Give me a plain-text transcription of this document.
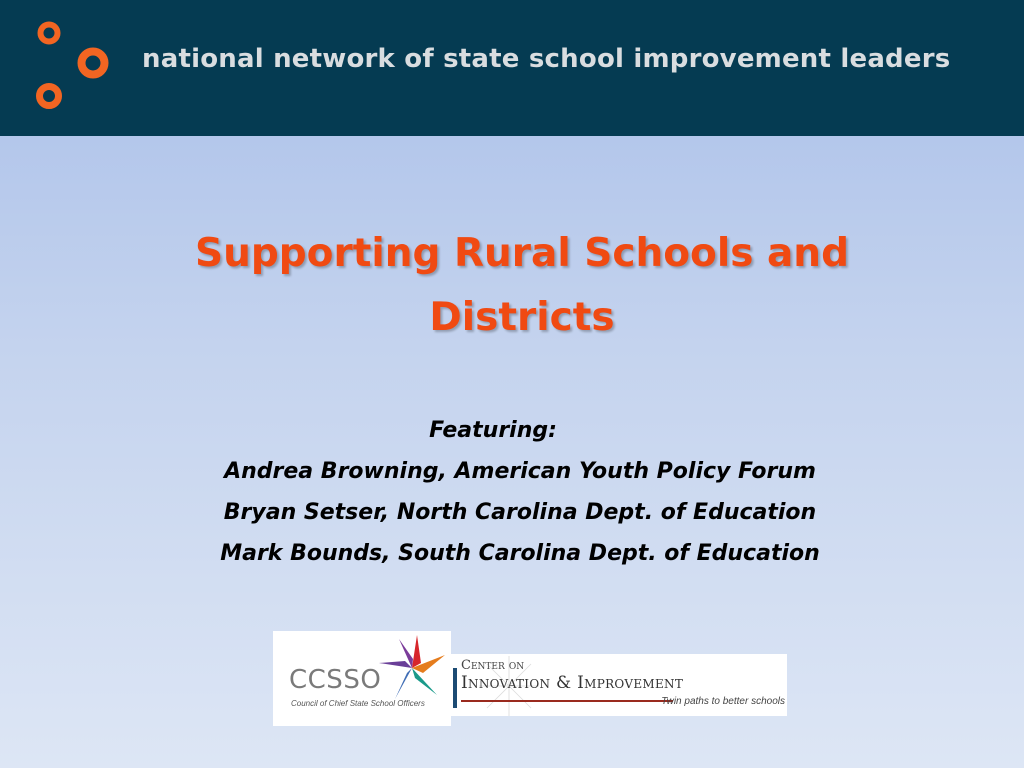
national network of state school improvement leaders
Supporting Rural Schools and Districts
Featuring:
Andrea Browning, American Youth Policy Forum
Bryan Setser, North Carolina Dept. of Education
Mark Bounds, South Carolina Dept. of Education
CCSSO
Council of Chief State School Officers
Center on
Innovation & Improvement
Twin paths to better schools
